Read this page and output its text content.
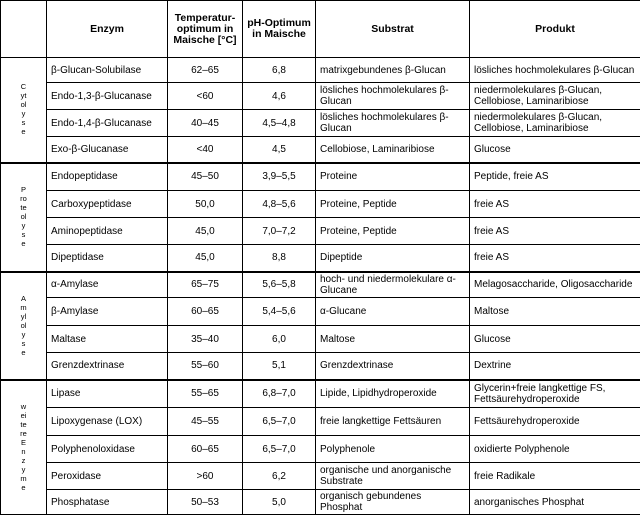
	Enzym	Temperatur-optimum in Maische [°C]	pH-Optimum in Maische	Substrat	Produkt

Cytolyse	β-Glucan-Solubilase	62–65	6,8	matrixgebundenes β-Glucan	lösliches hochmolekulares β-Glucan
	Endo-1,3-β-Glucanase	<60	4,6	lösliches hochmolekulares β-Glucan	niedermolekulares β-Glucan, Cellobiose, Laminaribiose
	Endo-1,4-β-Glucanase	40–45	4,5–4,8	lösliches hochmolekulares β-Glucan	niedermolekulares β-Glucan, Cellobiose, Laminaribiose
	Exo-β-Glucanase	<40	4,5	Cellobiose, Laminaribiose	Glucose

Proteolyse	Endopeptidase	45–50	3,9–5,5	Proteine	Peptide, freie AS
	Carboxypeptidase	50,0	4,8–5,6	Proteine, Peptide	freie AS
	Aminopeptidase	45,0	7,0–7,2	Proteine, Peptide	freie AS
	Dipeptidase	45,0	8,8	Dipeptide	freie AS

Amylolyse	α-Amylase	65–75	5,6–5,8	hoch- und niedermolekulare α-Glucane	Melagosaccharide, Oligosaccharide
	β-Amylase	60–65	5,4–5,6	α-Glucane	Maltose
	Maltase	35–40	6,0	Maltose	Glucose
	Grenzdextrinase	55–60	5,1	Grenzdextrinase	Dextrine

weitere Enzyme	Lipase	55–65	6,8–7,0	Lipide, Lipidhydroperoxide	Glycerin+freie langkettige FS, Fettsäurehydroperoxide
	Lipoxygenase (LOX)	45–55	6,5–7,0	freie langkettige Fettsäuren	Fettsäurehydroperoxide
	Polyphenoloxidase	60–65	6,5–7,0	Polyphenole	oxidierte Polyphenole
	Peroxidase	>60	6,2	organische und anorganische Substrate	freie Radikale
	Phosphatase	50–53	5,0	organisch gebundenes Phosphat	anorganisches Phosphat
